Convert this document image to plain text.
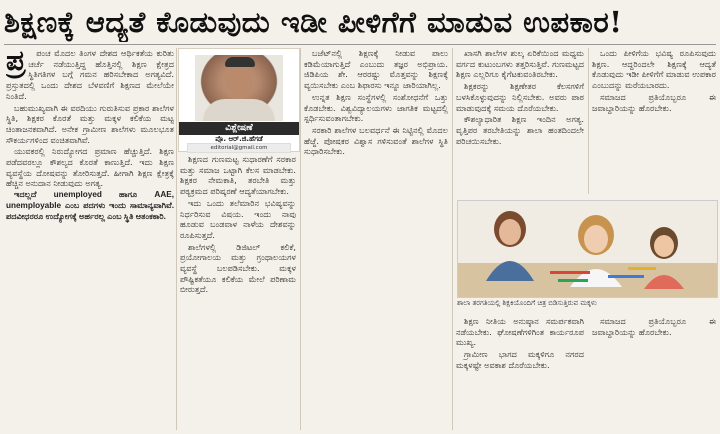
ಶಿಕ್ಷಣಕ್ಕೆ ಆದ್ಯತೆ ಕೊಡುವುದು ಇಡೀ ಪೀಳಿಗೆಗೆ ಮಾಡುವ ಉಪಕಾರ!
ಪ್ರ	ಪಂಚ ಮೊದಲ ತಿಂಗಳ ದೇಶದ ಆರ್ಥಿಕತೆಯ ಕುರಿತು ಚರ್ಚೆ ನಡೆಯುತ್ತಿದ್ದ ಹೊತ್ತಿನಲ್ಲಿ ಶಿಕ್ಷಣ ಕ್ಷೇತ್ರದ ಸ್ಥಿತಿಗತಿಗಳ ಬಗ್ಗೆ ಗಮನ ಹರಿಸಬೇಕಾದ ಅಗತ್ಯವಿದೆ. ಪ್ರಸ್ತುತದಲ್ಲಿ ಒಂದು ದೇಶದ ಬೆಳವಣಿಗೆ ಶಿಕ್ಷಣದ ಮೇಲೆಯೇ ನಿಂತಿದೆ.

ಬಹುಮುಖ್ಯವಾಗಿ ಈ ವರದಿಯು ಗುರುತಿಸುವ ಪ್ರಕಾರ ಶಾಲೆಗಳ ಸ್ಥಿತಿ, ಶಿಕ್ಷಕರ ಕೊರತೆ ಮತ್ತು ಮಕ್ಕಳ ಕಲಿಕೆಯ ಮಟ್ಟ ಚಿಂತಾಜನಕವಾಗಿದೆ. ಅನೇಕ ಗ್ರಾಮೀಣ ಶಾಲೆಗಳು ಮೂಲಭೂತ ಸೌಕರ್ಯಗಳಿಂದ ವಂಚಿತವಾಗಿವೆ.

ಯುವಕರಲ್ಲಿ ನಿರುದ್ಯೋಗದ ಪ್ರಮಾಣ ಹೆಚ್ಚುತ್ತಿದೆ. ಶಿಕ್ಷಣ ಪಡೆದವರಲ್ಲೂ ಕೌಶಲ್ಯದ ಕೊರತೆ ಕಾಣುತ್ತಿದೆ. ಇದು ಶಿಕ್ಷಣ ವ್ಯವಸ್ಥೆಯ ದೋಷವನ್ನು ತೋರಿಸುತ್ತದೆ. ಹೀಗಾಗಿ ಶಿಕ್ಷಣ ಕ್ಷೇತ್ರಕ್ಕೆ ಹೆಚ್ಚಿನ ಅನುದಾನ ನೀಡುವುದು ಅಗತ್ಯ.

ಇದಲ್ಲದೆ unemployed ಹಾಗೂ AAE, unemployable ಎಂಬ ಪದಗಳು ಇಂದು ಸಾಮಾನ್ಯವಾಗಿವೆ. ಪದವೀಧರರೂ ಉದ್ಯೋಗಕ್ಕೆ ಅರ್ಹರಲ್ಲ ಎಂಬ ಸ್ಥಿತಿ ಆತಂಕಕಾರಿ.

ವಿಶ್ಲೇಷಣೆ
ಪ್ರೊ. ಆರ್.ಜಿ.ಹೆಗಡೆ
editorial@gmail.com

ಶಿಕ್ಷಣದ ಗುಣಮಟ್ಟ ಸುಧಾರಣೆಗೆ ಸರಕಾರ ಮತ್ತು ಸಮಾಜ ಒಟ್ಟಾಗಿ ಕೆಲಸ ಮಾಡಬೇಕು. ಶಿಕ್ಷಕರ ನೇಮಕಾತಿ, ತರಬೇತಿ ಮತ್ತು ಪಠ್ಯಕ್ರಮದ ಪರಿಷ್ಕರಣೆ ಆದ್ಯತೆಯಾಗಬೇಕು.

ಇದು ಒಂದು ತಲೆಮಾರಿನ ಭವಿಷ್ಯವನ್ನು ನಿರ್ಧರಿಸುವ ವಿಷಯ. ಇಂದು ನಾವು ಹೂಡುವ ಬಂಡವಾಳ ನಾಳೆಯ ದೇಶವನ್ನು ರೂಪಿಸುತ್ತದೆ.

ಶಾಲೆಗಳಲ್ಲಿ ಡಿಜಿಟಲ್ ಕಲಿಕೆ, ಪ್ರಯೋಗಾಲಯ ಮತ್ತು ಗ್ರಂಥಾಲಯಗಳ ವ್ಯವಸ್ಥೆ ಬಲಪಡಿಸಬೇಕು. ಮಕ್ಕಳ ಪೌಷ್ಟಿಕತೆಯೂ ಕಲಿಕೆಯ ಮೇಲೆ ಪರಿಣಾಮ ಬೀರುತ್ತದೆ.

ಬಜೆಟ್‌ನಲ್ಲಿ ಶಿಕ್ಷಣಕ್ಕೆ ನೀಡುವ ಪಾಲು ಕಡಿಮೆಯಾಗುತ್ತಿದೆ ಎಂಬುದು ತಜ್ಞರ ಅಭಿಪ್ರಾಯ. ಜಿಡಿಪಿಯ ಶೇ. ಆರರಷ್ಟು ಮೊತ್ತವನ್ನು ಶಿಕ್ಷಣಕ್ಕೆ ವ್ಯಯಿಸಬೇಕು ಎಂಬ ಶಿಫಾರಸು ಇನ್ನೂ ಜಾರಿಯಾಗಿಲ್ಲ.

ಉನ್ನತ ಶಿಕ್ಷಣ ಸಂಸ್ಥೆಗಳಲ್ಲಿ ಸಂಶೋಧನೆಗೆ ಒತ್ತು ಕೊಡಬೇಕು. ವಿಶ್ವವಿದ್ಯಾಲಯಗಳು ಜಾಗತಿಕ ಮಟ್ಟದಲ್ಲಿ ಸ್ಪರ್ಧಿಸುವಂತಾಗಬೇಕು.

ಸರಕಾರಿ ಶಾಲೆಗಳ ಬಲವರ್ಧನೆ ಈ ನಿಟ್ಟಿನಲ್ಲಿ ಮೊದಲ ಹೆಜ್ಜೆ. ಪೋಷಕರ ವಿಶ್ವಾಸ ಗಳಿಸುವಂತೆ ಶಾಲೆಗಳ ಸ್ಥಿತಿ ಸುಧಾರಿಸಬೇಕು.

ಖಾಸಗಿ ಶಾಲೆಗಳ ಶುಲ್ಕ ಏರಿಕೆಯಿಂದ ಮಧ್ಯಮ ವರ್ಗದ ಕುಟುಂಬಗಳು ತತ್ತರಿಸುತ್ತಿವೆ. ಗುಣಮಟ್ಟದ ಶಿಕ್ಷಣ ಎಲ್ಲರಿಗೂ ಕೈಗೆಟಕುವಂತಿರಬೇಕು.

ಶಿಕ್ಷಕರನ್ನು ಶಿಕ್ಷಣೇತರ ಕೆಲಸಗಳಿಗೆ ಬಳಸಿಕೊಳ್ಳುವುದನ್ನು ನಿಲ್ಲಿಸಬೇಕು. ಅವರು ಪಾಠ ಮಾಡುವುದಕ್ಕೆ ಸಮಯ ದೊರೆಯಬೇಕು.

ಕೌಶಲ್ಯಾಧಾರಿತ ಶಿಕ್ಷಣ ಇಂದಿನ ಅಗತ್ಯ. ವೃತ್ತಿಪರ ತರಬೇತಿಯನ್ನು ಶಾಲಾ ಹಂತದಿಂದಲೇ ಪರಿಚಯಿಸಬೇಕು.

ಒಂದು ಪೀಳಿಗೆಯ ಭವಿಷ್ಯ ರೂಪಿಸುವುದು ಶಿಕ್ಷಣ. ಆದ್ದರಿಂದಲೇ ಶಿಕ್ಷಣಕ್ಕೆ ಆದ್ಯತೆ ಕೊಡುವುದು ಇಡೀ ಪೀಳಿಗೆಗೆ ಮಾಡುವ ಉಪಕಾರ ಎಂಬುದನ್ನು ಮರೆಯಬಾರದು.

ಸಮಾಜದ ಪ್ರತಿಯೊಬ್ಬರೂ ಈ ಜವಾಬ್ದಾರಿಯನ್ನು ಹೊರಬೇಕು.

ಶಾಲಾ ತರಗತಿಯಲ್ಲಿ ಶಿಕ್ಷಕಿಯೊಂದಿಗೆ ಚಿತ್ರ ಬಿಡಿಸುತ್ತಿರುವ ಮಕ್ಕಳು

ಶಿಕ್ಷಣ ನೀತಿಯ ಅನುಷ್ಠಾನ ಸಮರ್ಪಕವಾಗಿ ನಡೆಯಬೇಕು. ಘೋಷಣೆಗಳಿಗಿಂತ ಕಾರ್ಯರೂಪ ಮುಖ್ಯ.

ಗ್ರಾಮೀಣ ಭಾಗದ ಮಕ್ಕಳಿಗೂ ನಗರದ ಮಕ್ಕಳಷ್ಟೇ ಅವಕಾಶ ದೊರೆಯಬೇಕು.

ಸಮಾಜದ ಪ್ರತಿಯೊಬ್ಬರೂ ಈ ಜವಾಬ್ದಾರಿಯನ್ನು ಹೊರಬೇಕು.
